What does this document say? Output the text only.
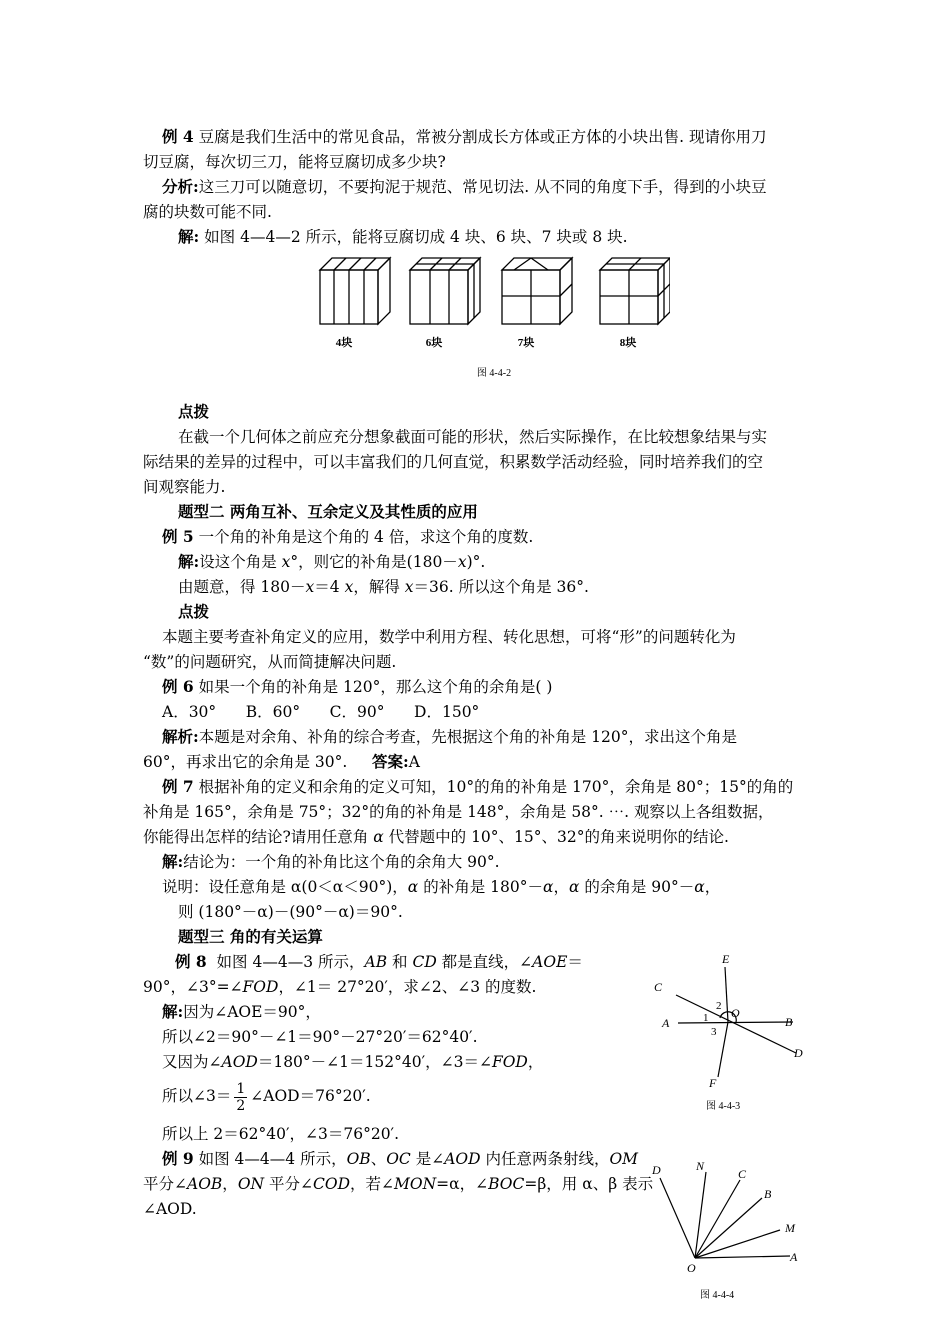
例 4 豆腐是我们生活中的常见食品，常被分割成长方体或正方体的小块出售. 现请你用刀
切豆腐，每次切三刀，能将豆腐切成多少块?
分析:这三刀可以随意切，不要拘泥于规范、常见切法. 从不同的角度下手，得到的小块豆
腐的块数可能不同.
解: 如图 4—4—2 所示，能将豆腐切成 4 块、6 块、7 块或 8 块.
4块	6块	7块	8块
图 4-4-2
点拨
在截一个几何体之前应充分想象截面可能的形状，然后实际操作，在比较想象结果与实
际结果的差异的过程中，可以丰富我们的几何直觉，积累数学活动经验，同时培养我们的空
间观察能力.
题型二 两角互补、互余定义及其性质的应用
例 5 一个角的补角是这个角的 4 倍，求这个角的度数.
解:设这个角是 x°，则它的补角是(180－x)°.
由题意，得 180－x＝4 x，解得 x＝36. 所以这个角是 36°.
点拨
本题主要考查补角定义的应用，数学中利用方程、转化思想，可将“形”的问题转化为
“数”的问题研究，从而简捷解决问题.
例 6 如果一个角的补角是 120°，那么这个角的余角是( )
A．30°      B．60°      C．90°      D．150°
解析:本题是对余角、补角的综合考查，先根据这个角的补角是 120°，求出这个角是
60°，再求出它的余角是 30°. 答案:A
例 7 根据补角的定义和余角的定义可知，10°的角的补角是 170°，余角是 80°；15°的角的
补角是 165°，余角是 75°；32°的角的补角是 148°，余角是 58°. ⋯. 观察以上各组数据，
你能得出怎样的结论?请用任意角 α 代替题中的 10°、15°、32°的角来说明你的结论.
解:结论为：一个角的补角比这个角的余角大 90°.
说明：设任意角是 α(0＜α＜90°)，α 的补角是 180°－α，α 的余角是 90°－α，
则 (180°－α)－(90°－α)＝90°.
题型三 角的有关运算
例 8 如图 4—4—3 所示，AB 和 CD 都是直线，∠AOE＝
90°，∠3°=∠FOD，∠1＝ 27°20′，求∠2、∠3 的度数.
解:因为∠AOE＝90°，
所以∠2＝90°－∠1＝90°－27°20′＝62°40′.
又因为∠AOD＝180°－∠1＝152°40′，∠3＝∠FOD，
所以∠3＝ $\frac{1}{2}$ ∠AOD＝76°20′.
所以上 2＝62°40′，∠3＝76°20′.
E
C
A	B
D
F
O
1
2
3
图 4-4-3
例 9 如图 4—4—4 所示，OB、OC 是∠AOD 内任意两条射线，OM
平分∠AOB，ON 平分∠COD，若∠MON=α，∠BOC=β，用 α、β 表示
∠AOD.
D	N
C
B
M
A
O
图 4-4-4
